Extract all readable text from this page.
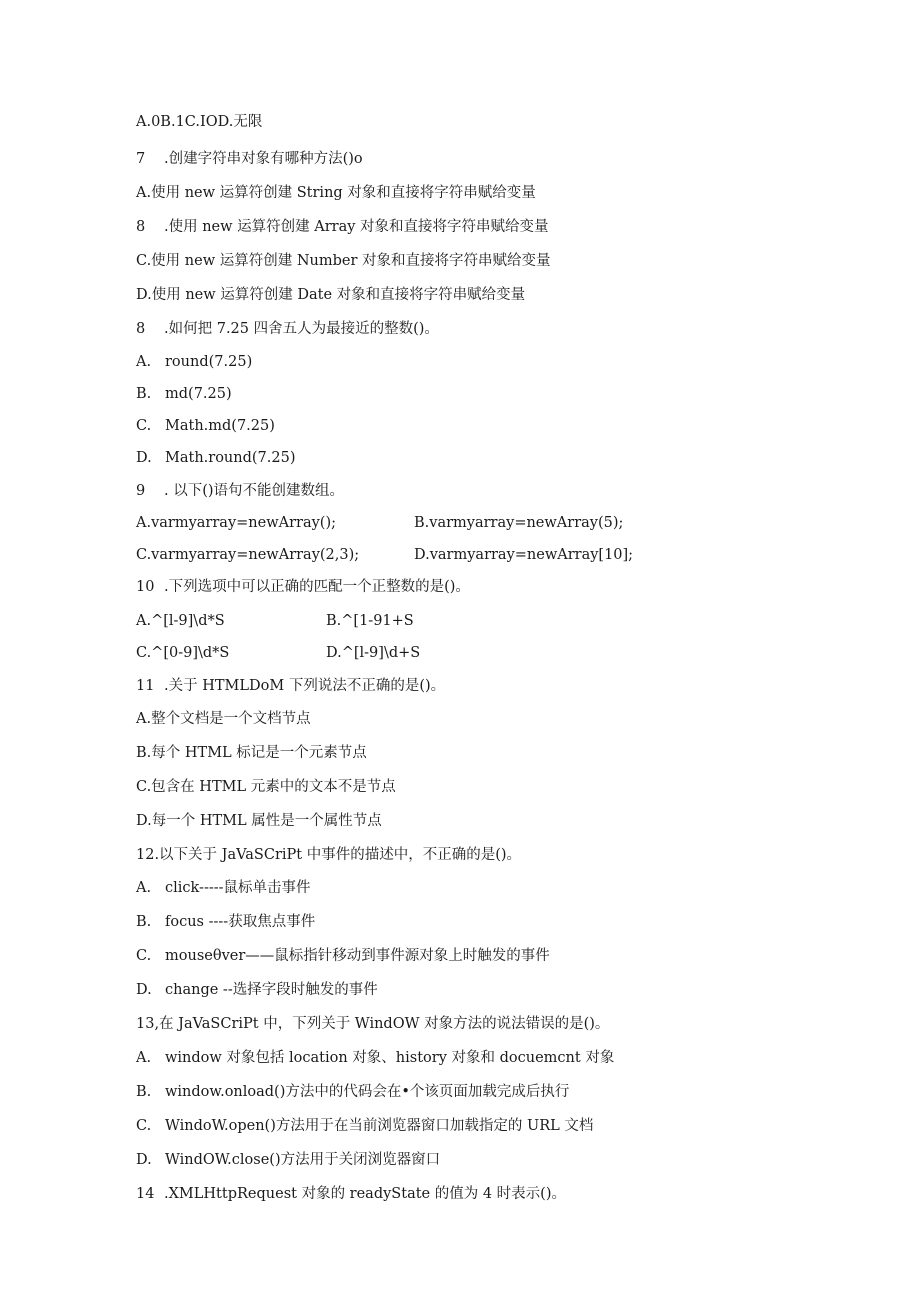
A.0B.1C.IOD.无限
7 .创建字符串对象有哪种方法()o
A.使用 new 运算符创建 String 对象和直接将字符串赋给变量
8 .使用 new 运算符创建 Array 对象和直接将字符串赋给变量
C.使用 new 运算符创建 Number 对象和直接将字符串赋给变量
D.使用 new 运算符创建 Date 对象和直接将字符串赋给变量
8 .如何把 7.25 四舍五人为最接近的整数()。
A. round(7.25)
B. md(7.25)
C. Math.md(7.25)
D. Math.round(7.25)
9 . 以下()语句不能创建数组。
A.varmyarray=newArray();	B.varmyarray=newArray(5);
C.varmyarray=newArray(2,3);	D.varmyarray=newArray[10];
10 .下列选项中可以正确的匹配一个正整数的是()。
A.^[l-9]\d*S	B.^[1-91+S
C.^[0-9]\d*S	D.^[l-9]\d+S
11 .关于 HTMLDoM 下列说法不正确的是()。
A.整个文档是一个文档节点
B.每个 HTML 标记是一个元素节点
C.包含在 HTML 元素中的文本不是节点
D.每一个 HTML 属性是一个属性节点
12.以下关于 JaVaSCriPt 中事件的描述中，不正确的是()。
A. click-----鼠标单击事件
B. focus ----获取焦点事件
C. mouseθver——鼠标指针移动到事件源对象上时触发的事件
D. change --选择字段时触发的事件
13,在 JaVaSCriPt 中，下列关于 WindOW 对象方法的说法错误的是()。
A. window 对象包括 location 对象、history 对象和 docuemcnt 对象
B. window.onload()方法中的代码会在•个该页面加载完成后执行
C. WindoW.open()方法用于在当前浏览器窗口加载指定的 URL 文档
D. WindOW.close()方法用于关闭浏览器窗口
14 .XMLHttpRequest 对象的 readyState 的值为 4 时表示()。
